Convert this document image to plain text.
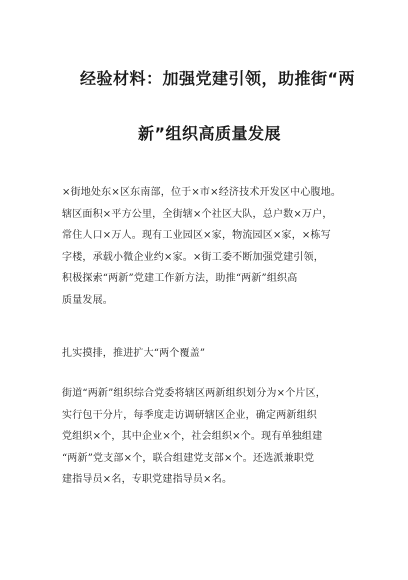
经验材料：加强党建引领，助推街“两
新”组织高质量发展
×街地处东×区东南部，位于×市×经济技术开发区中心腹地。
辖区面积×平方公里，全街辖×个社区大队，总户数×万户，
常住人口×万人。现有工业园区×家，物流园区×家，×栋写
字楼，承载小微企业约×家。×街工委不断加强党建引领，
积极探索“两新”党建工作新方法，助推“两新”组织高
质量发展。
扎实摸排，推进扩大“两个覆盖”
街道“两新”组织综合党委将辖区两新组织划分为×个片区，
实行包干分片，每季度走访调研辖区企业，确定两新组织
党组织×个，其中企业×个，社会组织×个。现有单独组建
“两新”党支部×个，联合组建党支部×个。还选派兼职党
建指导员×名，专职党建指导员×名。
